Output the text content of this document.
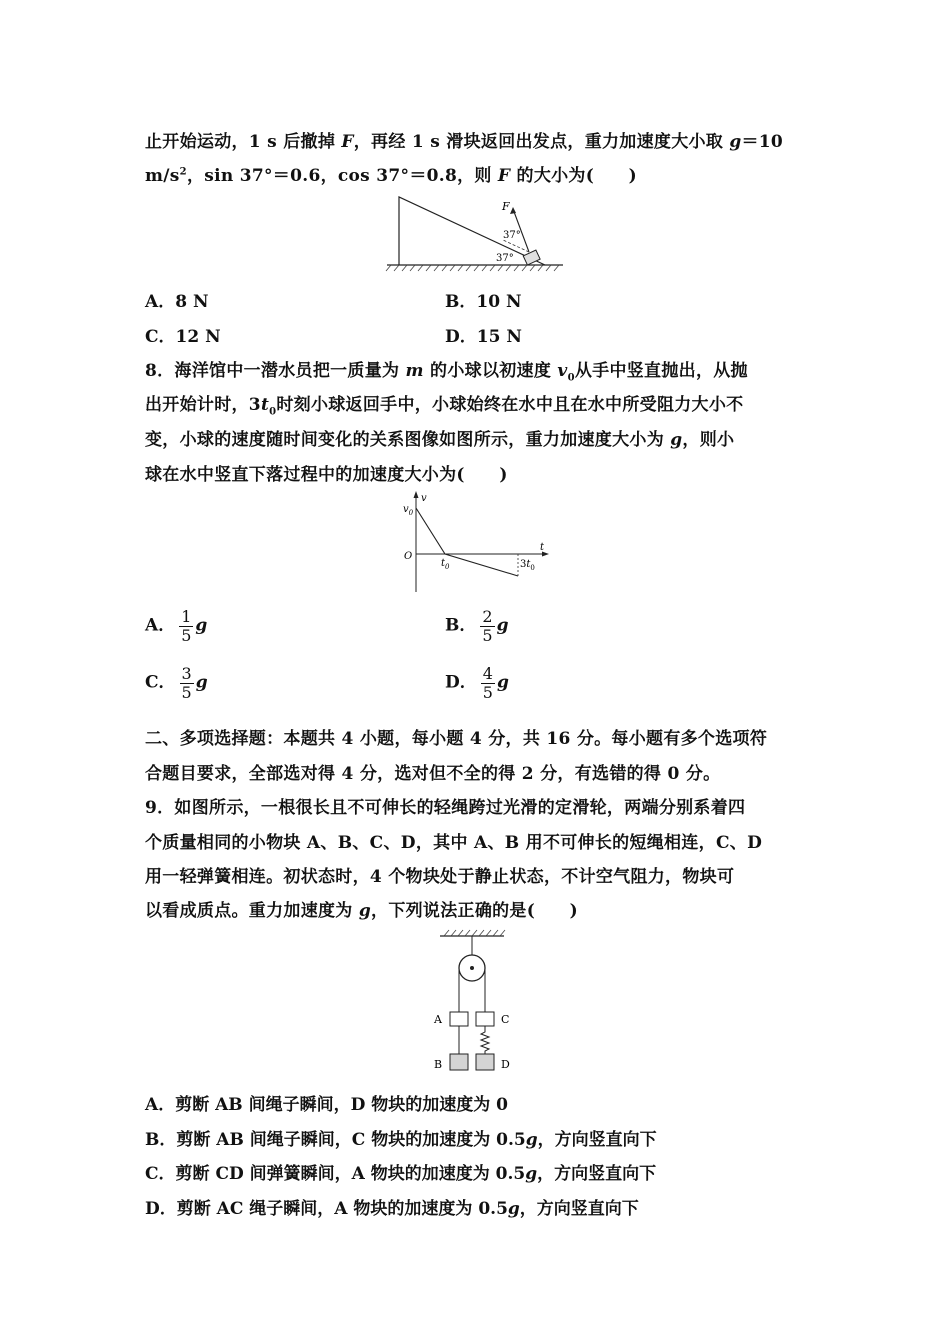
止开始运动，1 s 后撤掉 F，再经 1 s 滑块返回出发点，重力加速度大小取 g＝10
$m/s^2$，sin 37°＝0.6，cos 37°＝0.8，则 F 的大小为(　　)
F
37°
37°
A．8 N	B．10 N
C．12 N	D．15 N
8．海洋馆中一潜水员把一质量为 m 的小球以初速度 $v_0$从手中竖直抛出，从抛
出开始计时，$3t_0$时刻小球返回手中，小球始终在水中且在水中所受阻力大小不
变，小球的速度随时间变化的关系图像如图所示，重力加速度大小为 g，则小
球在水中竖直下落过程中的加速度大小为(　　)
v
t
$v_0$
O
$t_0$	$3t_0$
A． $\frac{1}{5}$ g	B． $\frac{2}{5}$ g
C． $\frac{3}{5}$ g	D． $\frac{4}{5}$ g
二、多项选择题：本题共 4 小题，每小题 4 分，共 16 分。每小题有多个选项符
合题目要求，全部选对得 4 分，选对但不全的得 2 分，有选错的得 0 分。
9．如图所示，一根很长且不可伸长的轻绳跨过光滑的定滑轮，两端分别系着四
个质量相同的小物块 A、B、C、D，其中 A、B 用不可伸长的短绳相连，C、D
用一轻弹簧相连。初状态时，4 个物块处于静止状态，不计空气阻力，物块可
以看成质点。重力加速度为 g，下列说法正确的是(　　)
A	C
B	D
A．剪断 AB 间绳子瞬间，D 物块的加速度为 0
B．剪断 AB 间绳子瞬间，C 物块的加速度为 0.5g，方向竖直向下
C．剪断 CD 间弹簧瞬间，A 物块的加速度为 0.5g，方向竖直向下
D．剪断 AC 绳子瞬间，A 物块的加速度为 0.5g，方向竖直向下
